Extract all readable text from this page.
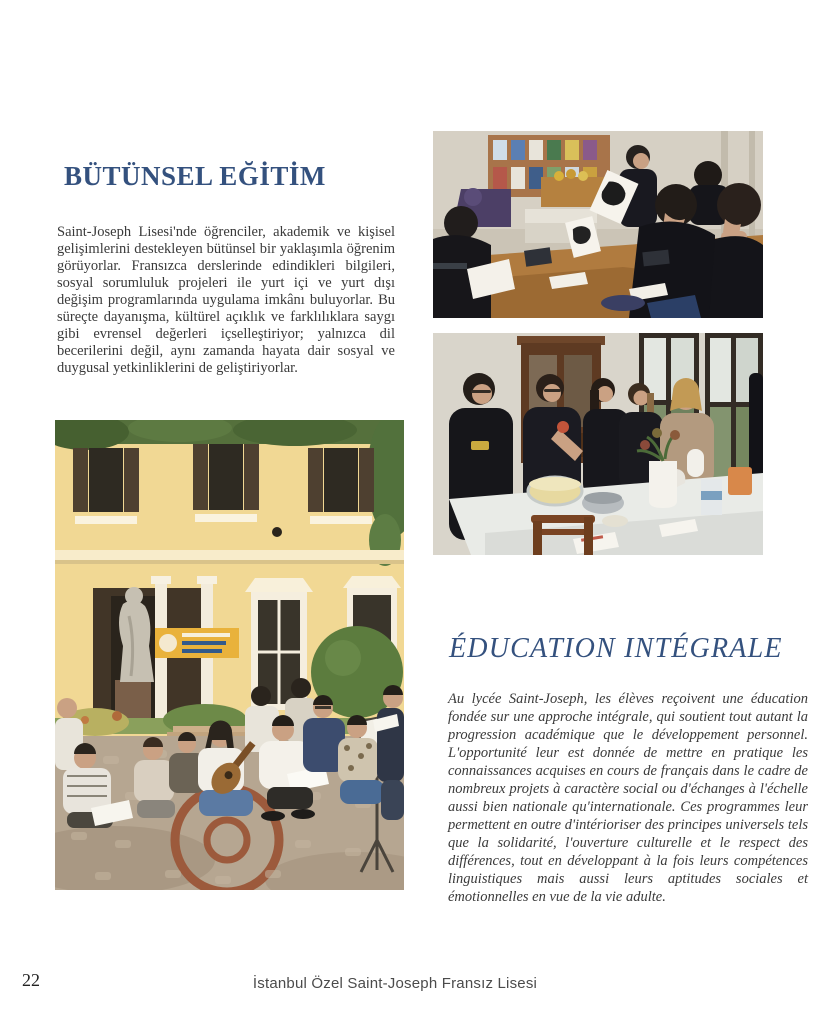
BÜTÜNSEL EĞİTİM

Saint-Joseph Lisesi'nde öğrenciler, akademik ve kişisel gelişimlerini destekleyen bütünsel bir yaklaşımla öğrenim görüyorlar. Fransızca derslerinde edindikleri bilgileri, sosyal sorumluluk projeleri ile yurt içi ve yurt dışı değişim programlarında uygulama imkânı buluyorlar. Bu süreçte dayanışma, kültürel açıklık ve farklılıklara saygı gibi evrensel değerleri içselleştiriyor; yalnızca dil becerilerini değil, aynı zamanda hayata dair sosyal ve duygusal yetkinliklerini de geliştiriyorlar.

ÉDUCATION INTÉGRALE

Au lycée Saint-Joseph, les élèves reçoivent une éducation fondée sur une approche intégrale, qui soutient tout autant la progression académique que le développement personnel. L'opportunité leur est donnée de mettre en pratique les connaissances acquises en cours de français dans le cadre de nombreux projets à caractère social ou d'échanges à l'échelle aussi bien nationale qu'internationale. Ces programmes leur permettent en outre d'intérioriser des principes universels tels que la solidarité, l'ouverture culturelle et le respect des différences, tout en développant à la fois leurs compétences linguistiques mais aussi leurs aptitudes sociales et émotionnelles en vue de la vie adulte.

22	İstanbul Özel Saint-Joseph Fransız Lisesi
